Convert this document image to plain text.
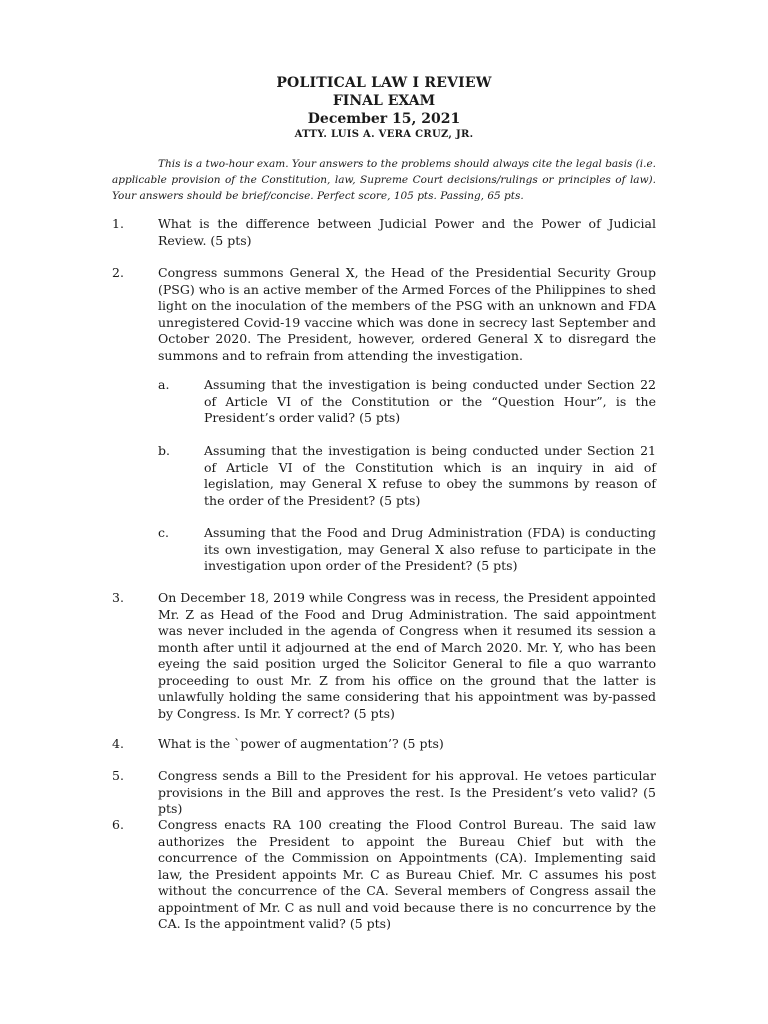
POLITICAL LAW I REVIEW
FINAL EXAM
December 15, 2021
ATTY. LUIS A. VERA CRUZ, JR.
This is a two-hour exam. Your answers to the problems should always cite the legal basis (i.e. applicable provision of the Constitution, law, Supreme Court decisions/rulings or principles of law). Your answers should be brief/concise. Perfect score, 105 pts. Passing, 65 pts.
1.	What is the difference between Judicial Power and the Power of Judicial Review. (5 pts)
2.	Congress summons General X, the Head of the Presidential Security Group (PSG) who is an active member of the Armed Forces of the Philippines to shed light on the inoculation of the members of the PSG with an unknown and FDA unregistered Covid-19 vaccine which was done in secrecy last September and October 2020. The President, however, ordered General X to disregard the summons and to refrain from attending the investigation.
a.	Assuming that the investigation is being conducted under Section 22 of Article VI of the Constitution or the “Question Hour”, is the President’s order valid? (5 pts)
b.	Assuming that the investigation is being conducted under Section 21 of Article VI of the Constitution which is an inquiry in aid of legislation, may General X refuse to obey the summons by reason of the order of the President? (5 pts)
c.	Assuming that the Food and Drug Administration (FDA) is conducting its own investigation, may General X also refuse to participate in the investigation upon order of the President? (5 pts)
3.	On December 18, 2019 while Congress was in recess, the President appointed Mr. Z as Head of the Food and Drug Administration. The said appointment was never included in the agenda of Congress when it resumed its session a month after until it adjourned at the end of March 2020. Mr. Y, who has been eyeing the said position urged the Solicitor General to file a quo warranto proceeding to oust Mr. Z from his office on the ground that the latter is unlawfully holding the same considering that his appointment was by-passed by Congress. Is Mr. Y correct? (5 pts)
4.	What is the `power of augmentation’? (5 pts)
5.	Congress sends a Bill to the President for his approval. He vetoes particular provisions in the Bill and approves the rest. Is the President’s veto valid? (5 pts)
6.	Congress enacts RA 100 creating the Flood Control Bureau. The said law authorizes the President to appoint the Bureau Chief but with the concurrence of the Commission on Appointments (CA). Implementing said law, the President appoints Mr. C as Bureau Chief. Mr. C assumes his post without the concurrence of the CA. Several members of Congress assail the appointment of Mr. C as null and void because there is no concurrence by the CA. Is the appointment valid? (5 pts)
